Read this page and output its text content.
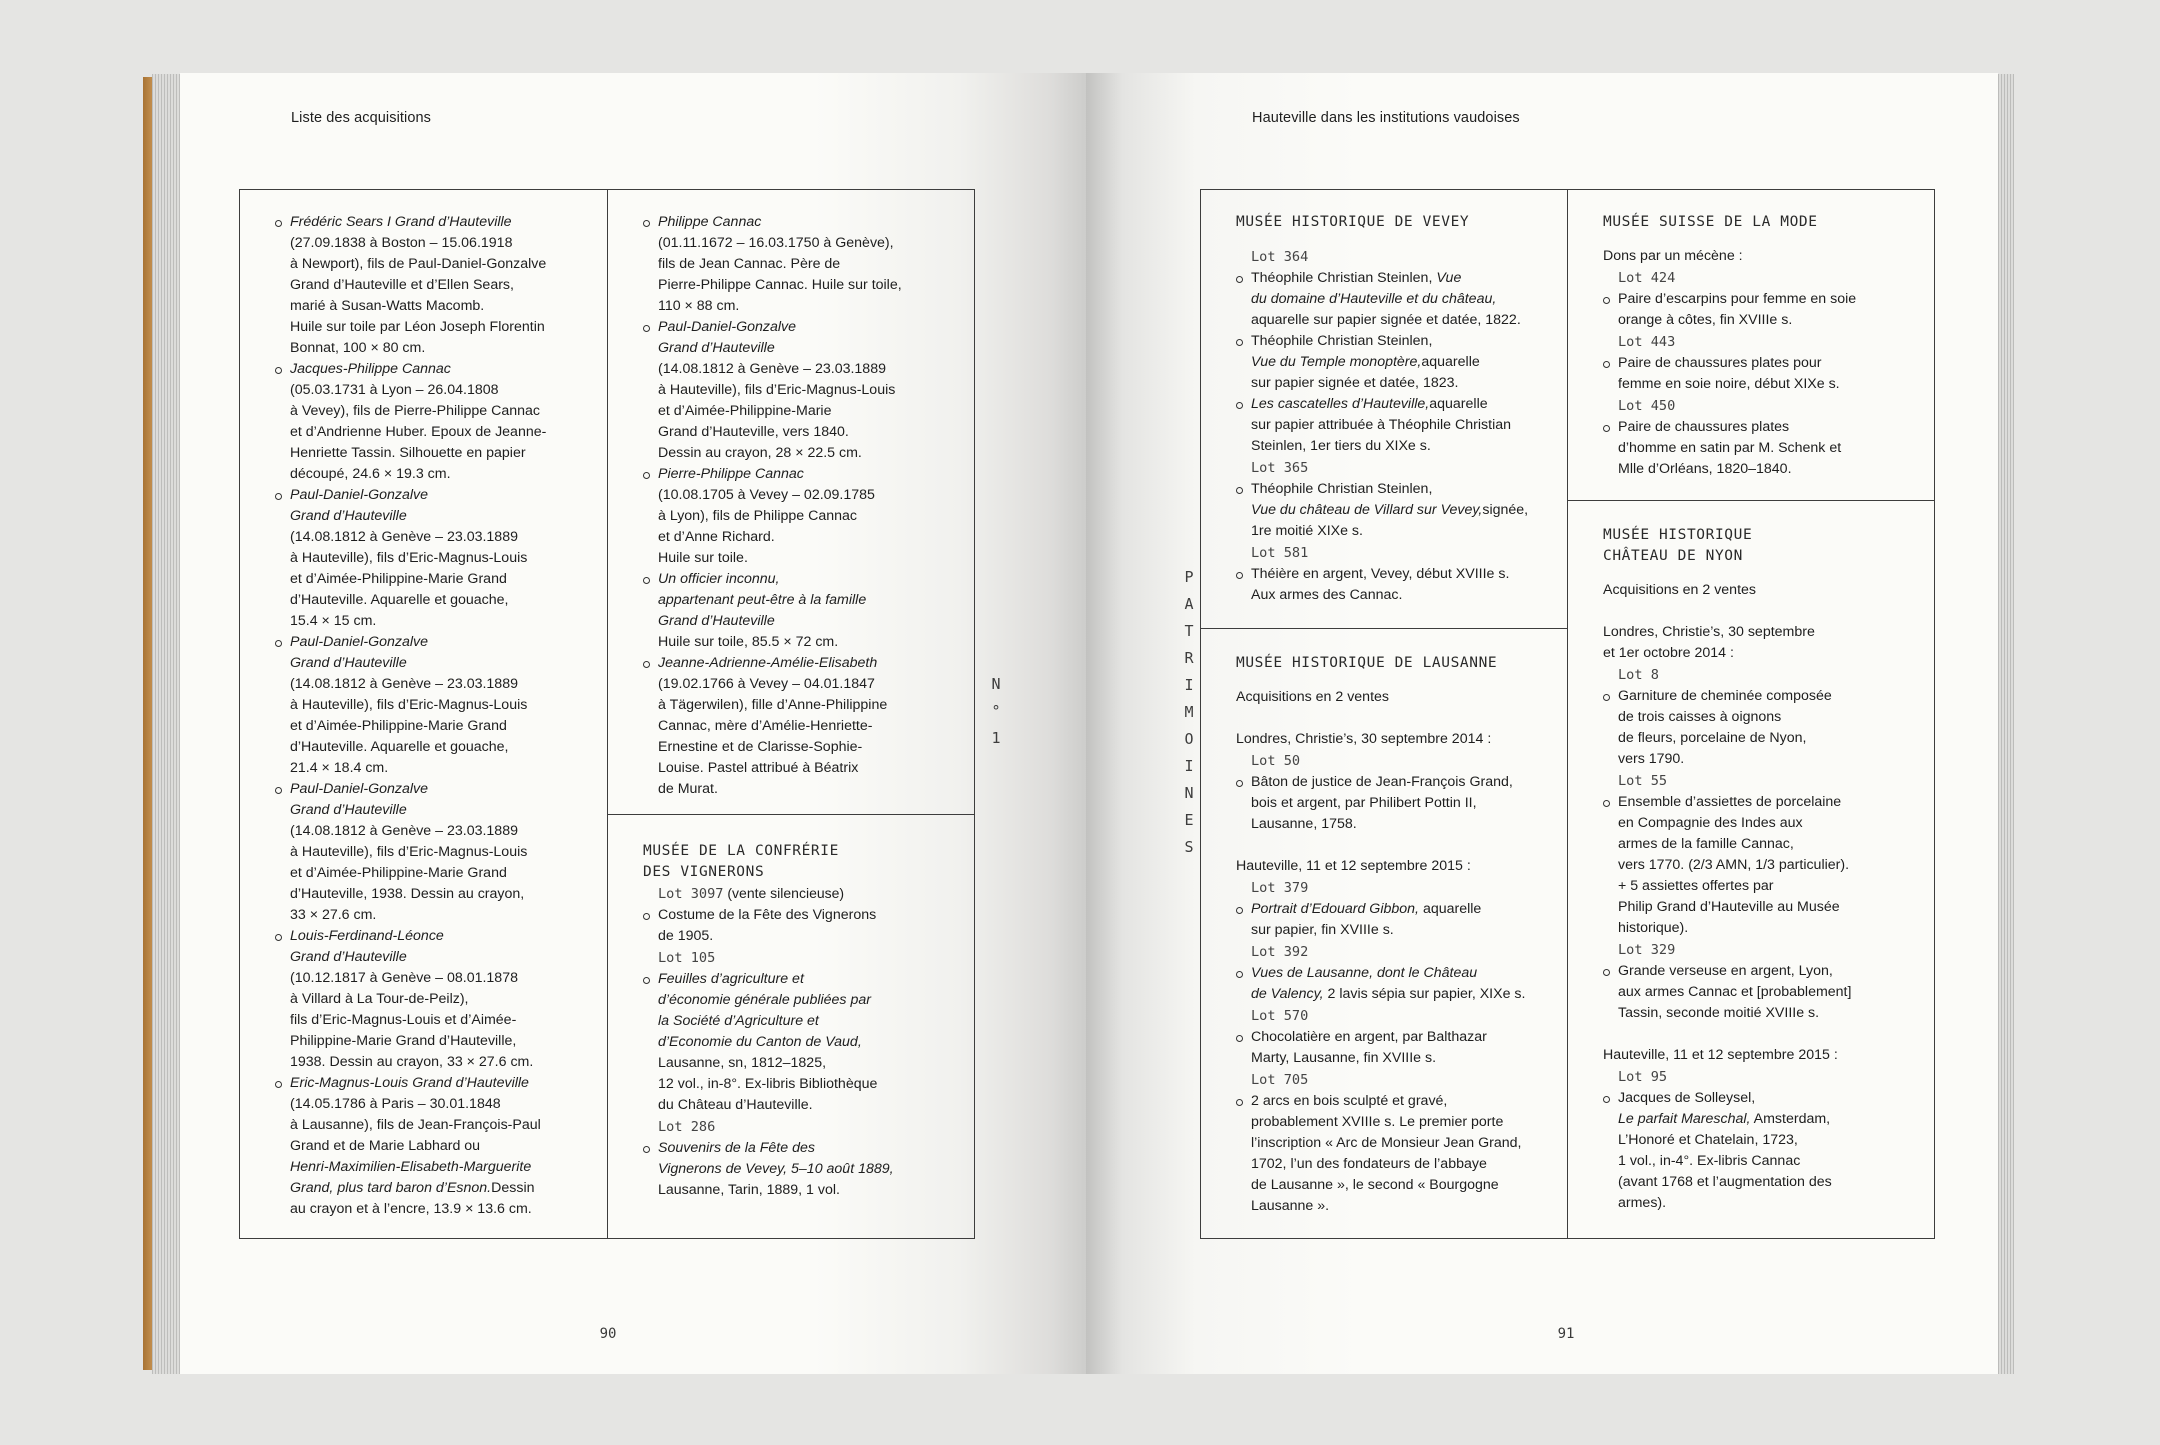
Liste des acquisitions
Frédéric Sears I Grand d’Hauteville
(27.09.1838 à Boston – 15.06.1918
à Newport), fils de Paul-Daniel-Gonzalve
Grand d’Hauteville et d’Ellen Sears,
marié à Susan-Watts Macomb.
Huile sur toile par Léon Joseph Florentin
Bonnat, 100 × 80 cm.
Jacques-Philippe Cannac
(05.03.1731 à Lyon – 26.04.1808
à Vevey), fils de Pierre-Philippe Cannac
et d’Andrienne Huber. Epoux de Jeanne-
Henriette Tassin. Silhouette en papier
découpé, 24.6 × 19.3 cm.
Paul-Daniel-Gonzalve
Grand d’Hauteville
(14.08.1812 à Genève – 23.03.1889
à Hauteville), fils d’Eric-Magnus-Louis
et d’Aimée-Philippine-Marie Grand
d’Hauteville. Aquarelle et gouache,
15.4 × 15 cm.
Paul-Daniel-Gonzalve
Grand d’Hauteville
(14.08.1812 à Genève – 23.03.1889
à Hauteville), fils d’Eric-Magnus-Louis
et d’Aimée-Philippine-Marie Grand
d’Hauteville. Aquarelle et gouache,
21.4 × 18.4 cm.
Paul-Daniel-Gonzalve
Grand d’Hauteville
(14.08.1812 à Genève – 23.03.1889
à Hauteville), fils d’Eric-Magnus-Louis
et d’Aimée-Philippine-Marie Grand
d’Hauteville, 1938. Dessin au crayon,
33 × 27.6 cm.
Louis-Ferdinand-Léonce
Grand d’Hauteville
(10.12.1817 à Genève – 08.01.1878
à Villard à La Tour-de-Peilz),
fils d’Eric-Magnus-Louis et d’Aimée-
Philippine-Marie Grand d’Hauteville,
1938. Dessin au crayon, 33 × 27.6 cm.
Eric-Magnus-Louis Grand d’Hauteville
(14.05.1786 à Paris – 30.01.1848
à Lausanne), fils de Jean-François-Paul
Grand et de Marie Labhard ou
Henri-Maximilien-Elisabeth-Marguerite
Grand, plus tard baron d’Esnon.Dessin
au crayon et à l’encre, 13.9 × 13.6 cm.
Philippe Cannac
(01.11.1672 – 16.03.1750 à Genève),
fils de Jean Cannac. Père de
Pierre-Philippe Cannac. Huile sur toile,
110 × 88 cm.
Paul-Daniel-Gonzalve
Grand d’Hauteville
(14.08.1812 à Genève – 23.03.1889
à Hauteville), fils d’Eric-Magnus-Louis
et d’Aimée-Philippine-Marie
Grand d’Hauteville, vers 1840.
Dessin au crayon, 28 × 22.5 cm.
Pierre-Philippe Cannac
(10.08.1705 à Vevey – 02.09.1785
à Lyon), fils de Philippe Cannac
et d’Anne Richard.
Huile sur toile.
Un officier inconnu,
appartenant peut-être à la famille
Grand d’Hauteville
Huile sur toile, 85.5 × 72 cm.
Jeanne-Adrienne-Amélie-Elisabeth
(19.02.1766 à Vevey – 04.01.1847
à Tägerwilen), fille d’Anne-Philippine
Cannac, mère d’Amélie-Henriette-
Ernestine et de Clarisse-Sophie-
Louise. Pastel attribué à Béatrix
de Murat.
MUSÉE DE LA CONFRÉRIE
DES VIGNERONS
Lot 3097 (vente silencieuse)
Costume de la Fête des Vignerons
de 1905.
Lot 105
Feuilles d’agriculture et
d’économie générale publiées par
la Société d’Agriculture et
d’Economie du Canton de Vaud,
Lausanne, sn, 1812–1825,
12 vol., in-8°. Ex-libris Bibliothèque
du Château d’Hauteville.
Lot 286
Souvenirs de la Fête des
Vignerons de Vevey, 5–10 août 1889,
Lausanne, Tarin, 1889, 1 vol.
N
°
1
90
Hauteville dans les institutions vaudoises
P
A
T
R
I
M
O
I
N
E
S
MUSÉE HISTORIQUE DE VEVEY
Lot 364
Théophile Christian Steinlen, Vue
du domaine d’Hauteville et du château,
aquarelle sur papier signée et datée, 1822.
Théophile Christian Steinlen,
Vue du Temple monoptère,aquarelle
sur papier signée et datée, 1823.
Les cascatelles d’Hauteville,aquarelle
sur papier attribuée à Théophile Christian
Steinlen, 1er tiers du XIXe s.
Lot 365
Théophile Christian Steinlen,
Vue du château de Villard sur Vevey,signée, 1re moitié XIXe s.
Lot 581
Théière en argent, Vevey, début XVIIIe s.
Aux armes des Cannac.
MUSÉE HISTORIQUE DE LAUSANNE
Acquisitions en 2 ventes
Londres, Christie’s, 30 septembre 2014 :
Lot 50
Bâton de justice de Jean-François Grand,
bois et argent, par Philibert Pottin II,
Lausanne, 1758.
Hauteville, 11 et 12 septembre 2015 :
Lot 379
Portrait d’Edouard Gibbon, aquarelle
sur papier, fin XVIIIe s.
Lot 392
Vues de Lausanne, dont le Château
de Valency, 2 lavis sépia sur papier, XIXe s.
Lot 570
Chocolatière en argent, par Balthazar
Marty, Lausanne, fin XVIIIe s.
Lot 705
2 arcs en bois sculpté et gravé,
probablement XVIIIe s. Le premier porte
l’inscription « Arc de Monsieur Jean Grand,
1702, l’un des fondateurs de l’abbaye
de Lausanne », le second « Bourgogne
Lausanne ».
MUSÉE SUISSE DE LA MODE
Dons par un mécène :
Lot 424
Paire d’escarpins pour femme en soie
orange à côtes, fin XVIIIe s.
Lot 443
Paire de chaussures plates pour
femme en soie noire, début XIXe s.
Lot 450
Paire de chaussures plates
d’homme en satin par M. Schenk et
Mlle d’Orléans, 1820–1840.
MUSÉE HISTORIQUE
CHÂTEAU DE NYON
Acquisitions en 2 ventes
Londres, Christie’s, 30 septembre
et 1er octobre 2014 :
Lot 8
Garniture de cheminée composée
de trois caisses à oignons
de fleurs, porcelaine de Nyon,
vers 1790.
Lot 55
Ensemble d’assiettes de porcelaine
en Compagnie des Indes aux
armes de la famille Cannac,
vers 1770. (2/3 AMN, 1/3 particulier).
+ 5 assiettes offertes par
Philip Grand d’Hauteville au Musée
historique).
Lot 329
Grande verseuse en argent, Lyon,
aux armes Cannac et [probablement]
Tassin, seconde moitié XVIIIe s.
Hauteville, 11 et 12 septembre 2015 :
Lot 95
Jacques de Solleysel,
Le parfait Mareschal, Amsterdam,
L’Honoré et Chatelain, 1723,
1 vol., in-4°. Ex-libris Cannac
(avant 1768 et l’augmentation des
armes).
91
